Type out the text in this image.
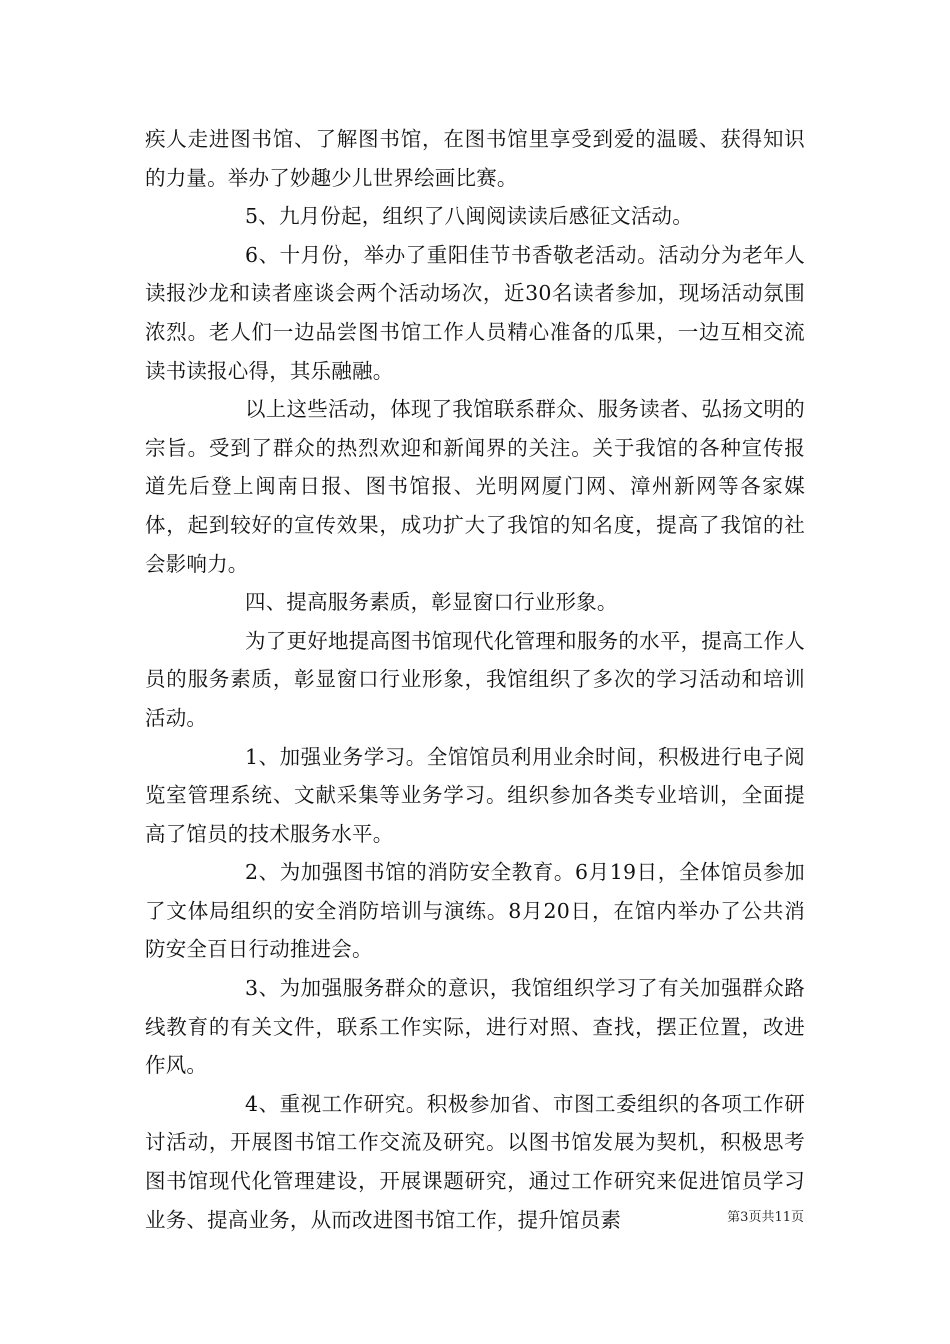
疾人走进图书馆、了解图书馆，在图书馆里享受到爱的温暖、获得知识的力量。举办了妙趣少儿世界绘画比赛。

5、九月份起，组织了八闽阅读读后感征文活动。

6、十月份，举办了重阳佳节书香敬老活动。活动分为老年人读报沙龙和读者座谈会两个活动场次，近30名读者参加，现场活动氛围浓烈。老人们一边品尝图书馆工作人员精心准备的瓜果，一边互相交流读书读报心得，其乐融融。

以上这些活动，体现了我馆联系群众、服务读者、弘扬文明的宗旨。受到了群众的热烈欢迎和新闻界的关注。关于我馆的各种宣传报道先后登上闽南日报、图书馆报、光明网厦门网、漳州新网等各家媒体，起到较好的宣传效果，成功扩大了我馆的知名度，提高了我馆的社会影响力。

四、提高服务素质，彰显窗口行业形象。

为了更好地提高图书馆现代化管理和服务的水平，提高工作人员的服务素质，彰显窗口行业形象，我馆组织了多次的学习活动和培训活动。

1、加强业务学习。全馆馆员利用业余时间，积极进行电子阅览室管理系统、文献采集等业务学习。组织参加各类专业培训，全面提高了馆员的技术服务水平。

2、为加强图书馆的消防安全教育。6月19日，全体馆员参加了文体局组织的安全消防培训与演练。8月20日，在馆内举办了公共消防安全百日行动推进会。

3、为加强服务群众的意识，我馆组织学习了有关加强群众路线教育的有关文件，联系工作实际，进行对照、查找，摆正位置，改进作风。

4、重视工作研究。积极参加省、市图工委组织的各项工作研讨活动，开展图书馆工作交流及研究。以图书馆发展为契机，积极思考图书馆现代化管理建设，开展课题研究，通过工作研究来促进馆员学习业务、提高业务，从而改进图书馆工作，提升馆员素	第3页共11页
